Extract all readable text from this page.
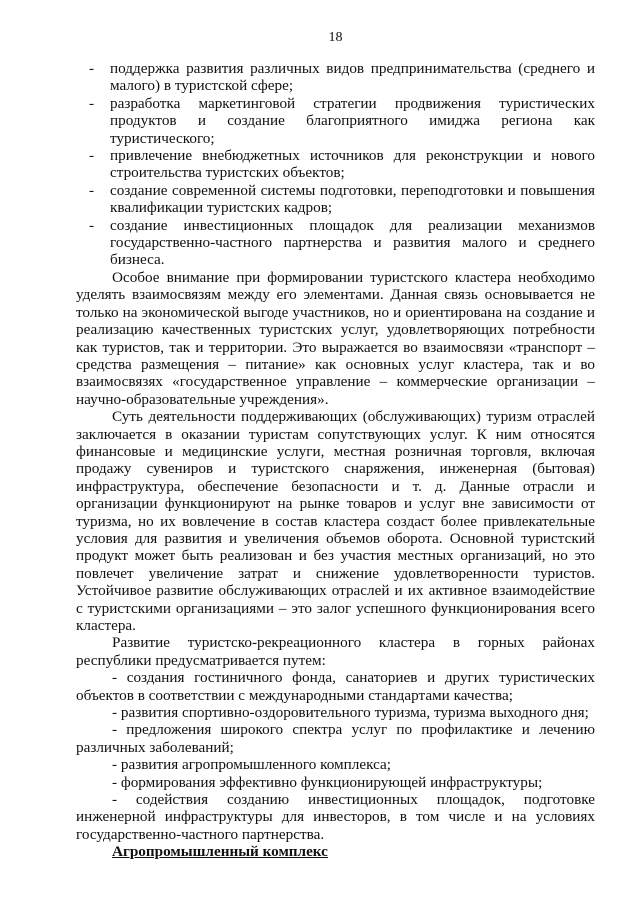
18
- поддержка развития различных видов предпринимательства (среднего и малого) в туристской сфере;
- разработка маркетинговой стратегии продвижения туристических продуктов и создание благоприятного имиджа региона как туристического;
- привлечение внебюджетных источников для реконструкции и нового строительства туристских объектов;
- создание современной системы подготовки, переподготовки и повышения квалификации туристских кадров;
- создание инвестиционных площадок для реализации механизмов государственно-частного партнерства и развития малого и среднего бизнеса.

Особое внимание при формировании туристского кластера необходимо уделять взаимосвязям между его элементами. Данная связь основывается не только на экономической выгоде участников, но и ориентирована на создание и реализацию качественных туристских услуг, удовлетворяющих потребности как туристов, так и территории. Это выражается во взаимосвязи «транспорт – средства размещения – питание» как основных услуг кластера, так и во взаимосвязях «государственное управление – коммерческие организации – научно-образовательные учреждения».

Суть деятельности поддерживающих (обслуживающих) туризм отраслей заключается в оказании туристам сопутствующих услуг. К ним относятся финансовые и медицинские услуги, местная розничная торговля, включая продажу сувениров и туристского снаряжения, инженерная (бытовая) инфраструктура, обеспечение безопасности и т. д. Данные отрасли и организации функционируют на рынке товаров и услуг вне зависимости от туризма, но их вовлечение в состав кластера создаст более привлекательные условия для развития и увеличения объемов оборота. Основной туристский продукт может быть реализован и без участия местных организаций, но это повлечет увеличение затрат и снижение удовлетворенности туристов. Устойчивое развитие обслуживающих отраслей и их активное взаимодействие с туристскими организациями – это залог успешного функционирования всего кластера.

Развитие туристско-рекреационного кластера в горных районах республики предусматривается путем:

- создания гостиничного фонда, санаториев и других туристических объектов в соответствии с международными стандартами качества;

- развития спортивно-оздоровительного туризма, туризма выходного дня;

- предложения широкого спектра услуг по профилактике и лечению различных заболеваний;

- развития агропромышленного комплекса;

- формирования эффективно функционирующей инфраструктуры;

- содействия созданию инвестиционных площадок, подготовке инженерной инфраструктуры для инвесторов, в том числе и на условиях государственно-частного партнерства.

Агропромышленный комплекс
